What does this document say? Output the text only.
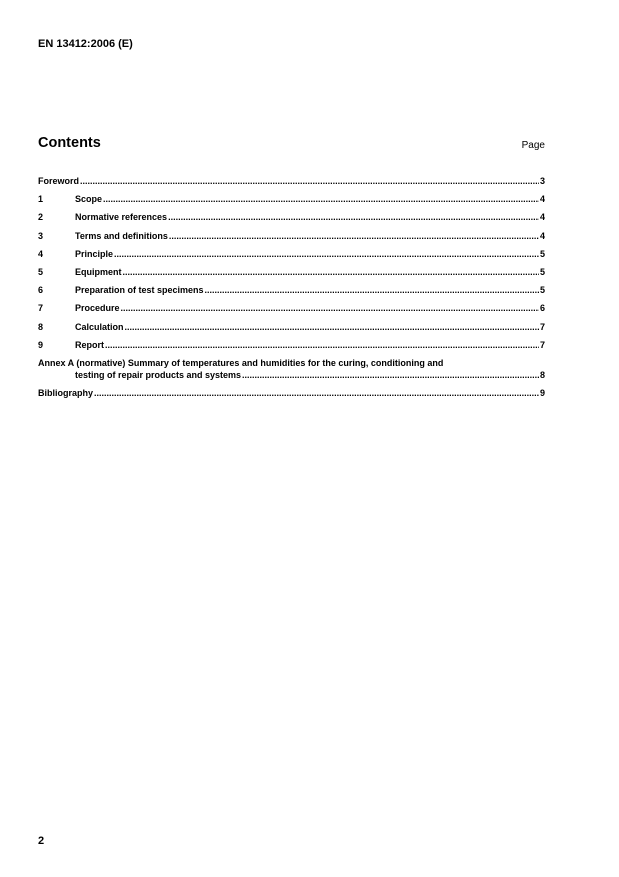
EN 13412:2006 (E)
Contents	Page
Foreword .....	3
1	Scope .....	4
2	Normative references .....	4
3	Terms and definitions .....	4
4	Principle .....	5
5	Equipment .....	5
6	Preparation of test specimens .....	5
7	Procedure .....	6
8	Calculation .....	7
9	Report .....	7
Annex A (normative) Summary of temperatures and humidities for the curing, conditioning and
testing of repair products and systems .....	8
Bibliography .....	9
2
